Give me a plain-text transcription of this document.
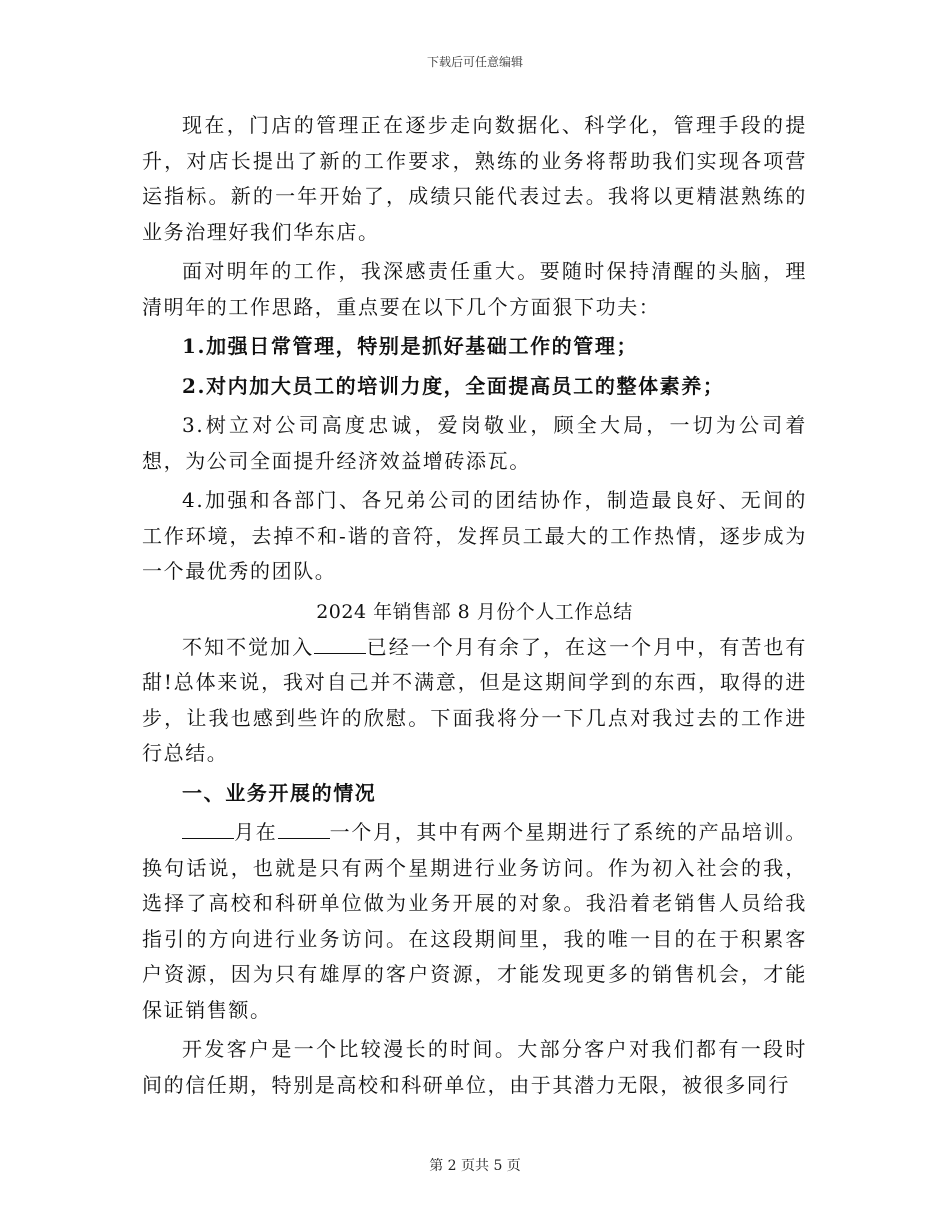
下载后可任意编辑

现在，门店的管理正在逐步走向数据化、科学化，管理手段的提升，对店长提出了新的工作要求，熟练的业务将帮助我们实现各项营运指标。新的一年开始了，成绩只能代表过去。我将以更精湛熟练的业务治理好我们华东店。

面对明年的工作，我深感责任重大。要随时保持清醒的头脑，理清明年的工作思路，重点要在以下几个方面狠下功夫：

1.加强日常管理，特别是抓好基础工作的管理；

2.对内加大员工的培训力度，全面提高员工的整体素养；

3.树立对公司高度忠诚，爱岗敬业，顾全大局，一切为公司着想，为公司全面提升经济效益增砖添瓦。

4.加强和各部门、各兄弟公司的团结协作，制造最良好、无间的工作环境，去掉不和-谐的音符，发挥员工最大的工作热情，逐步成为一个最优秀的团队。

2024 年销售部 8 月份个人工作总结

不知不觉加入	已经一个月有余了，在这一个月中，有苦也有甜!总体来说，我对自己并不满意，但是这期间学到的东西，取得的进步，让我也感到些许的欣慰。下面我将分一下几点对我过去的工作进行总结。

一、业务开展的情况

月在	一个月，其中有两个星期进行了系统的产品培训。换句话说，也就是只有两个星期进行业务访问。作为初入社会的我，选择了高校和科研单位做为业务开展的对象。我沿着老销售人员给我指引的方向进行业务访问。在这段期间里，我的唯一目的在于积累客户资源，因为只有雄厚的客户资源，才能发现更多的销售机会，才能保证销售额。

开发客户是一个比较漫长的时间。大部分客户对我们都有一段时间的信任期，特别是高校和科研单位，由于其潜力无限，被很多同行

第 2 页共 5 页
